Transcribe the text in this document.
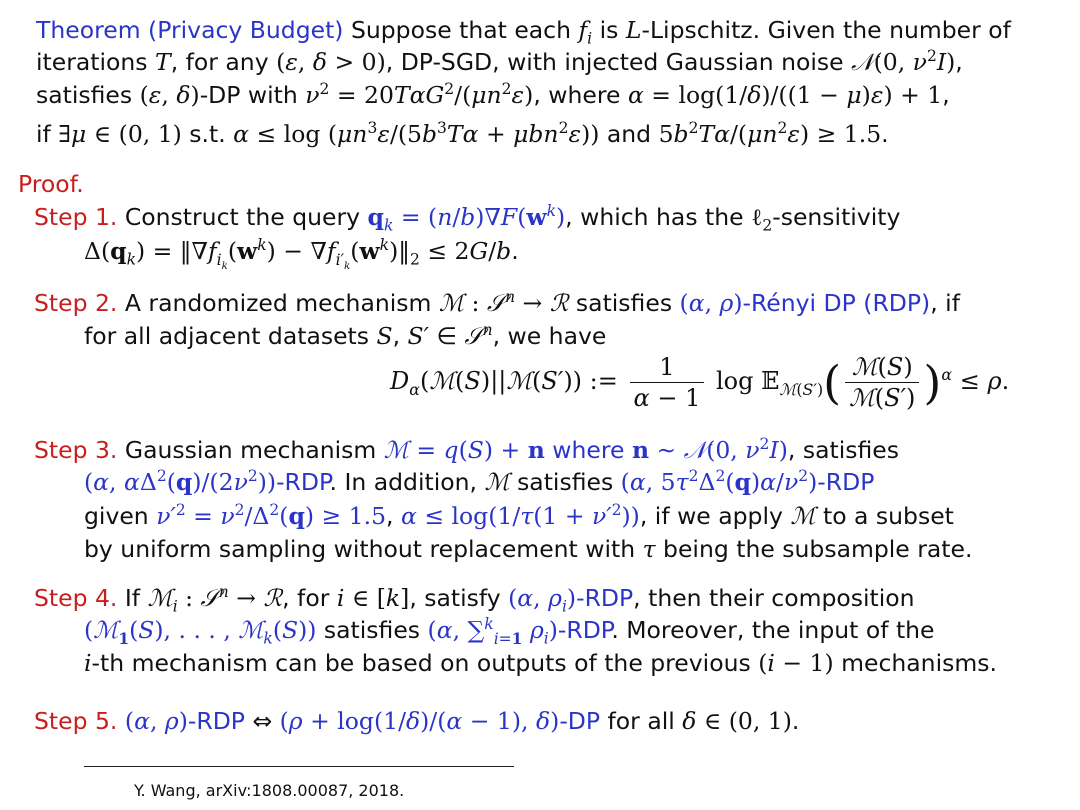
Theorem (Privacy Budget) Suppose that each $f_i$ is L-Lipschitz. Given the number of
iterations T, for any (ε, δ > 0), DP-SGD, with injected Gaussian noise 𝒩(0, $\nu^2I$),
satisfies (ε, δ)-DP with $\nu^2 = 20T\alpha G^2/(\mu n^2\varepsilon)$, where α = log(1/δ)/((1 − μ)ε) + 1,
if ∃μ ∈ (0, 1) s.t. $\alpha \le \log (\mu n^3\varepsilon/(5b^3T\alpha + \mu bn^2\varepsilon))$ and $5b^2T\alpha/(\mu n^2\varepsilon) \ge 1.5$.
Proof.
Step 1. Construct the query $q_k = (n/b)\nabla F(w^k)$, which has the ℓ$_2$-sensitivity
$\Delta(q_k)$ = $‖\nabla f_{i_k}(w^k)$ − $\nabla f_{i'_k}(w^k)‖_2 \le 2G/b$.
Step 2. A randomized mechanism ℳ : 𝒮$^n$ → ℛ satisfies (α, ρ)-Rényi DP (RDP), if
for all adjacent datasets S, S′ ∈ 𝒮$^n$, we have
$D_\alpha(ℳ(S)||ℳ(S'))$ := $\frac{1}{\alpha - 1}$ log 𝔼$_{ℳ(S')}$( $\frac{\text{ℳ(S)}}{\text{ℳ(S′)}} )^\alpha \le \rho$.
Step 3. Gaussian mechanism ℳ = q(S) + n where n ∼ 𝒩(0, $\nu^2I$), satisfies
(α, $\alpha\Delta^2(q)/(2\nu^2)$)-RDP. In addition, ℳ satisfies (α, $5\tau^2\Delta^2(q)\alpha/\nu^2$)-RDP
given $\nu'^2 = \nu^2/\Delta^2(q) \ge 1.5$, $\alpha \le \log(1/\tau(1 + \nu'^2))$, if we apply ℳ to a subset
by uniform sampling without replacement with τ being the subsample rate.
Step 4. If ℳ$_i$ : 𝒮$^n$ → ℛ, for i ∈ [k], satisfy (α, $\rho_i$)-RDP, then their composition
(ℳ$_1$(S), . . . , ℳ$_k$(S)) satisfies (α, ∑$^k_{i=1}$ $\rho_i$)-RDP. Moreover, the input of the
i-th mechanism can be based on outputs of the previous (i − 1) mechanisms.
Step 5. (α, ρ)-RDP ⇔ (ρ + log(1/δ)/(α − 1), δ)-DP for all δ ∈ (0, 1).
Y. Wang, arXiv:1808.00087, 2018.
